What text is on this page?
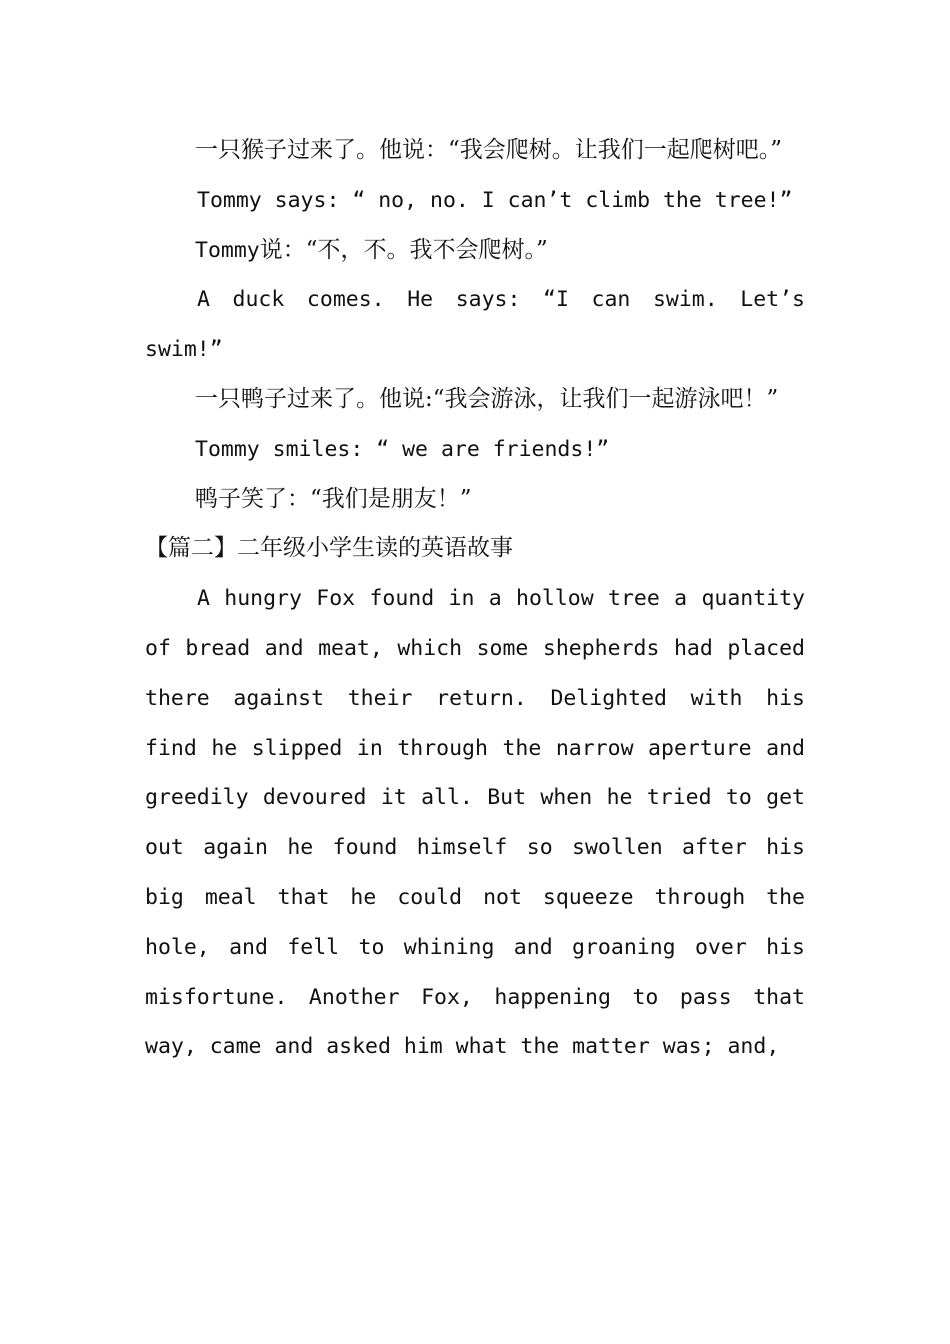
一只猴子过来了。他说：“我会爬树。让我们一起爬树吧。”

Tommy says: “ no, no. I can’t climb the tree!”

Tommy说：“不，不。我不会爬树。”

A duck comes. He says: “I can swim. Let’s swim!”

一只鸭子过来了。他说:“我会游泳，让我们一起游泳吧！”

Tommy smiles: “ we are friends!”

鸭子笑了：“我们是朋友！”

【篇二】二年级小学生读的英语故事

A hungry Fox found in a hollow tree a quantity of bread and meat, which some shepherds had placed there against their return. Delighted with his find he slipped in through the narrow aperture and greedily devoured it all. But when he tried to get out again he found himself so swollen after his big meal that he could not squeeze through the hole, and fell to whining and groaning over his misfortune. Another Fox, happening to pass that way, came and asked him what the matter was; and,
